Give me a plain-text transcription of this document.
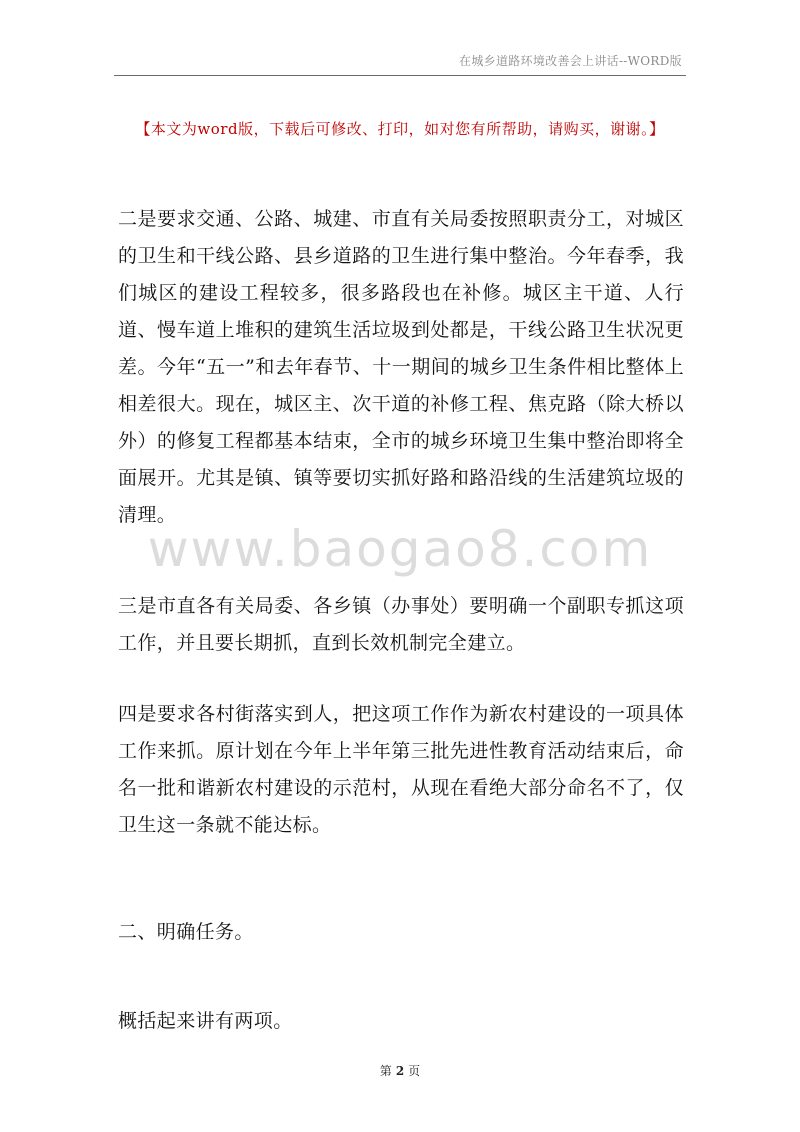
在城乡道路环境改善会上讲话--WORD版
【本文为word版，下载后可修改、打印，如对您有所帮助，请购买，谢谢。】

二是要求交通、公路、城建、市直有关局委按照职责分工，对城区的卫生和干线公路、县乡道路的卫生进行集中整治。今年春季，我们城区的建设工程较多，很多路段也在补修。城区主干道、人行道、慢车道上堆积的建筑生活垃圾到处都是，干线公路卫生状况更差。今年“五一”和去年春节、十一期间的城乡卫生条件相比整体上相差很大。现在，城区主、次干道的补修工程、焦克路（除大桥以外）的修复工程都基本结束，全市的城乡环境卫生集中整治即将全面展开。尤其是镇、镇等要切实抓好路和路沿线的生活建筑垃圾的清理。

www.baogao8.com

三是市直各有关局委、各乡镇（办事处）要明确一个副职专抓这项工作，并且要长期抓，直到长效机制完全建立。

四是要求各村街落实到人，把这项工作作为新农村建设的一项具体工作来抓。原计划在今年上半年第三批先进性教育活动结束后，命名一批和谐新农村建设的示范村，从现在看绝大部分命名不了，仅卫生这一条就不能达标。

二、明确任务。

概括起来讲有两项。

第 2 页
